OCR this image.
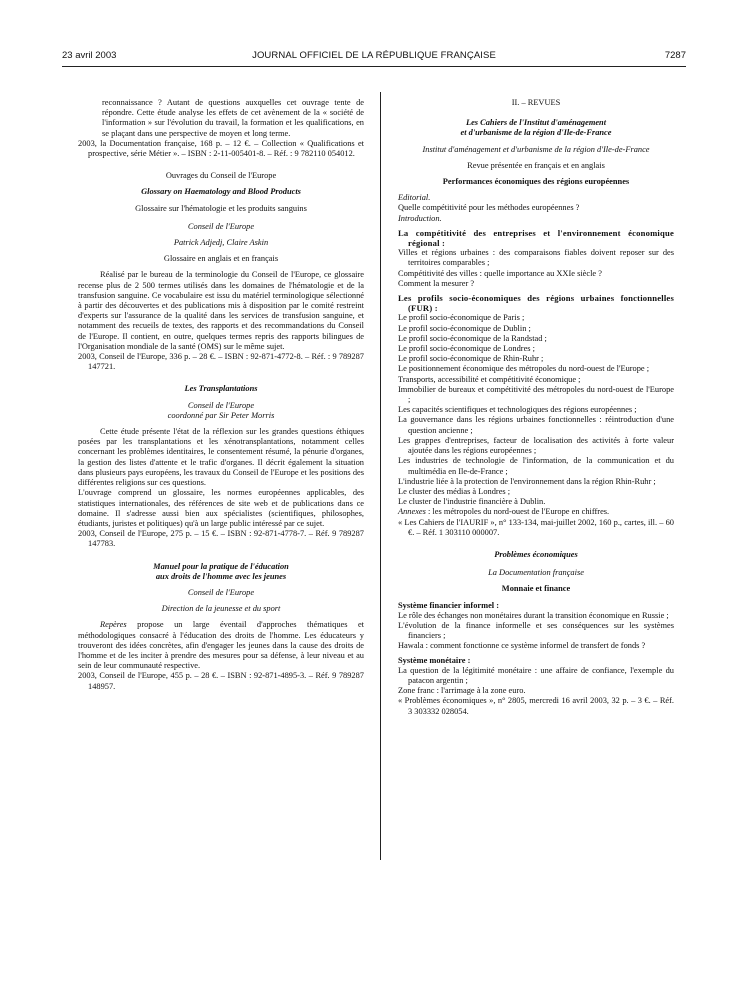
23 avril 2003	JOURNAL OFFICIEL DE LA RÉPUBLIQUE FRANÇAISE	7287

reconnaissance ? Autant de questions auxquelles cet ouvrage tente de répondre. Cette étude analyse les effets de cet avènement de la « société de l'information » sur l'évolution du travail, la formation et les qualifications, en se plaçant dans une perspective de moyen et long terme.

2003, la Documentation française, 168 p. – 12 €. – Collection « Qualifications et prospective, série Métier ». – ISBN : 2-11-005401-8. – Réf. : 9 782110 054012.

Ouvrages du Conseil de l'Europe

Glossary on Haematology and Blood Products

Glossaire sur l'hématologie et les produits sanguins

Conseil de l'Europe

Patrick Adjedj, Claire Askin

Glossaire en anglais et en français

Réalisé par le bureau de la terminologie du Conseil de l'Europe, ce glossaire recense plus de 2 500 termes utilisés dans les domaines de l'hématologie et de la transfusion sanguine. Ce vocabulaire est issu du matériel terminologique sélectionné à partir des découvertes et des publications mis à disposition par le comité restreint d'experts sur l'assurance de la qualité dans les services de transfusion sanguine, et notamment des recueils de textes, des rapports et des recommandations du Conseil de l'Europe. Il contient, en outre, quelques termes repris des rapports bilingues de l'Organisation mondiale de la santé (OMS) sur le même sujet.

2003, Conseil de l'Europe, 336 p. – 28 €. – ISBN : 92-871-4772-8. – Réf. : 9 789287 147721.

Les Transplantations

Conseil de l'Europe

coordonné par Sir Peter Morris

Cette étude présente l'état de la réflexion sur les grandes questions éthiques posées par les transplantations et les xénotransplantations, notamment celles concernant les problèmes identitaires, le consentement résumé, la pénurie d'organes, la gestion des listes d'attente et le trafic d'organes. Il décrit également la situation dans plusieurs pays européens, les travaux du Conseil de l'Europe et les positions des différentes religions sur ces questions.

L'ouvrage comprend un glossaire, les normes européennes applicables, des statistiques internationales, des références de site web et de publications dans ce domaine. Il s'adresse aussi bien aux spécialistes (scientifiques, philosophes, étudiants, juristes et politiques) qu'à un large public intéressé par ce sujet.

2003, Conseil de l'Europe, 275 p. – 15 €. – ISBN : 92-871-4778-7. – Réf. 9 789287 147783.

Manuel pour la pratique de l'éducation

aux droits de l'homme avec les jeunes

Conseil de l'Europe

Direction de la jeunesse et du sport

Repères propose un large éventail d'approches thématiques et méthodologiques consacré à l'éducation des droits de l'homme. Les éducateurs y trouveront des idées concrètes, afin d'engager les jeunes dans la cause des droits de l'homme et de les inciter à prendre des mesures pour sa défense, à leur niveau et au sein de leur communauté respective.

2003, Conseil de l'Europe, 455 p. – 28 €. – ISBN : 92-871-4895-3. – Réf. 9 789287 148957.

II. – REVUES

Les Cahiers de l'Institut d'aménagement

et d'urbanisme de la région d'Ile-de-France

Institut d'aménagement et d'urbanisme de la région d'Ile-de-France

Revue présentée en français et en anglais

Performances économiques des régions européennes

Editorial.

Quelle compétitivité pour les méthodes européennes ?

Introduction.

La compétitivité des entreprises et l'environnement économique régional :

Villes et régions urbaines : des comparaisons fiables doivent reposer sur des territoires comparables ;
Compétitivité des villes : quelle importance au XXIe siècle ?
Comment la mesurer ?

Les profils socio-économiques des régions urbaines fonctionnelles (FUR) :

Le profil socio-économique de Paris ;
Le profil socio-économique de Dublin ;
Le profil socio-économique de la Randstad ;
Le profil socio-économique de Londres ;
Le profil socio-économique de Rhin-Ruhr ;
Le positionnement économique des métropoles du nord-ouest de l'Europe ;
Transports, accessibilité et compétitivité économique ;
Immobilier de bureaux et compétitivité des métropoles du nord-ouest de l'Europe ;
Les capacités scientifiques et technologiques des régions européennes ;
La gouvernance dans les régions urbaines fonctionnelles : réintroduction d'une question ancienne ;
Les grappes d'entreprises, facteur de localisation des activités à forte valeur ajoutée dans les régions européennes ;
Les industries de technologie de l'information, de la communication et du multimédia en Ile-de-France ;
L'industrie liée à la protection de l'environnement dans la région Rhin-Ruhr ;
Le cluster des médias à Londres ;
Le cluster de l'industrie financière à Dublin.

Annexes : les métropoles du nord-ouest de l'Europe en chiffres.

« Les Cahiers de l'IAURIF », n° 133-134, mai-juillet 2002, 160 p., cartes, ill. – 60 €. – Réf. 1 303110 000007.

Problèmes économiques

La Documentation française

Monnaie et finance

Système financier informel :

Le rôle des échanges non monétaires durant la transition économique en Russie ;
L'évolution de la finance informelle et ses conséquences sur les systèmes financiers ;
Hawala : comment fonctionne ce système informel de transfert de fonds ?

Système monétaire :

La question de la légitimité monétaire : une affaire de confiance, l'exemple du patacon argentin ;
Zone franc : l'arrimage à la zone euro.

« Problèmes économiques », n° 2805, mercredi 16 avril 2003, 32 p. – 3 €. – Réf. 3 303332 028054.
